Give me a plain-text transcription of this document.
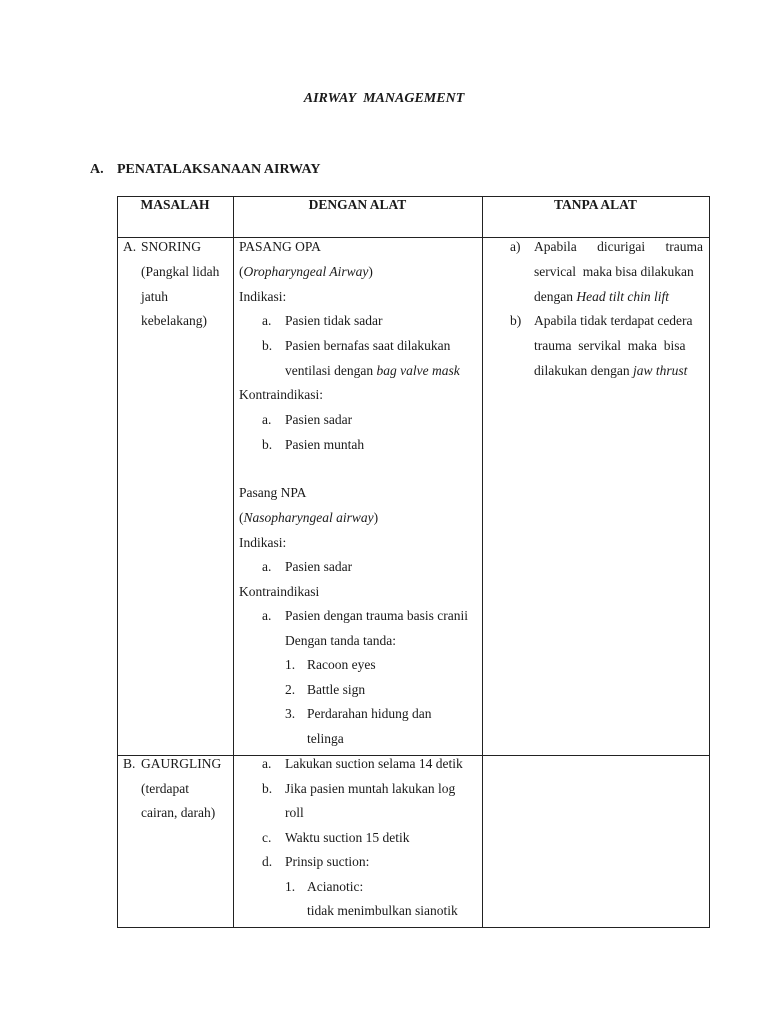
AIRWAY MANAGEMENT
A. PENATALAKSANAAN AIRWAY
MASALAH	DENGAN ALAT	TANPA ALAT
A. SNORING
(Pangkal lidah
jatuh
kebelakang)
PASANG OPA
(Oropharyngeal Airway)
Indikasi:
a. Pasien tidak sadar
b. Pasien bernafas saat dilakukan
ventilasi dengan bag valve mask
Kontraindikasi:
a. Pasien sadar
b. Pasien muntah
Pasang NPA
(Nasopharyngeal airway)
Indikasi:
a. Pasien sadar
Kontraindikasi
a. Pasien dengan trauma basis cranii
Dengan tanda tanda:
1. Racoon eyes
2. Battle sign
3. Perdarahan hidung dan
telinga
a) Apabila dicurigai trauma
servical  maka bisa dilakukan
dengan Head tilt chin lift
b) Apabila tidak terdapat cedera
trauma  servikal  maka  bisa
dilakukan dengan jaw thrust
B. GAURGLING
(terdapat
cairan, darah)
a. Lakukan suction selama 14 detik
b. Jika pasien muntah lakukan log
roll
c. Waktu suction 15 detik
d. Prinsip suction:
1. Acianotic:
tidak menimbulkan sianotik
